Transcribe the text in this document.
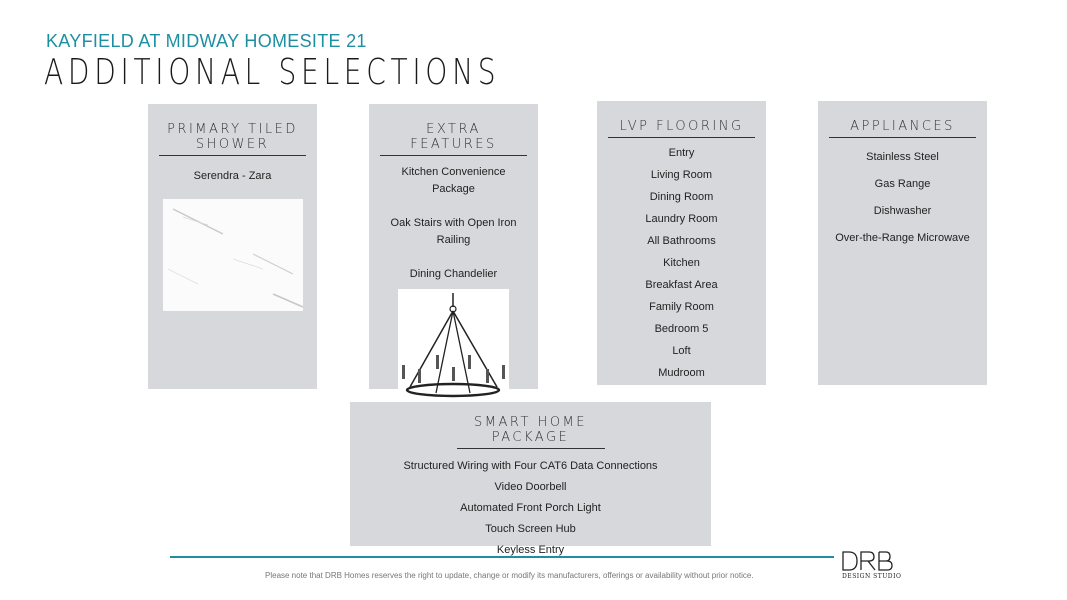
KAYFIELD AT MIDWAY HOMESITE 21
ADDITIONAL SELECTIONS
PRIMARY TILED SHOWER
Serendra - Zara
EXTRA FEATURES
Kitchen Convenience Package
Oak Stairs with Open Iron Railing
Dining Chandelier
LVP FLOORING
Entry
Living Room
Dining Room
Laundry Room
All Bathrooms
Kitchen
Breakfast Area
Family Room
Bedroom 5
Loft
Mudroom
APPLIANCES
Stainless Steel
Gas Range
Dishwasher
Over-the-Range Microwave
SMART HOME PACKAGE
Structured Wiring with Four CAT6 Data Connections
Video Doorbell
Automated Front Porch Light
Touch Screen Hub
Keyless Entry
Please note that DRB Homes reserves the right to update, change or modify its manufacturers, offerings or availability without prior notice.	DESIGN STUDIO
